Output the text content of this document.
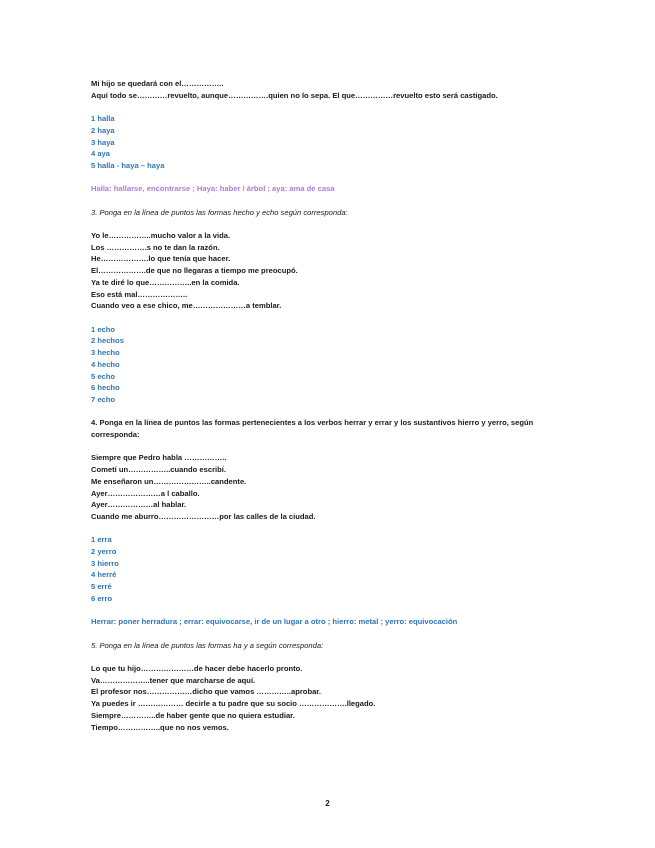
Mi hijo se quedará con el……………..
Aquí todo se…………revuelto, aunque…………….quien no lo sepa. El que……………revuelto esto será castigado.
1 halla
2 haya
3 haya
4 aya
5 halla - haya – haya
Halla: hallarse, encontrarse ; Haya: haber / árbol ; aya: ama de casa
3. Ponga en la línea de puntos las formas hecho y echo según corresponda:
Yo le……………..mucho valor a la vida.
Los …………….s no te dan la razón.
He……………….lo que tenía que hacer.
El……………….de que no llegaras a tiempo me preocupó.
Ya te diré lo que……………..en la comida.
Eso está mal………………..
Cuando veo a ese chico, me…………………a temblar.
1 echo
2 hechos
3 hecho
4 hecho
5 echo
6 hecho
7 echo
4. Ponga en la línea de puntos las formas pertenecientes a los verbos herrar y errar y los sustantivos hierro y yerro, según corresponda:
Siempre que Pedro habla ……………..
Cometí un……………..cuando escribí.
Me enseñaron un…………………..candente.
Ayer…………………a l caballo.
Ayer………………al hablar.
Cuando me aburro……………………por las calles de la ciudad.
1 erra
2 yerro
3 hierro
4 herré
5 erré
6 erro
Herrar: poner herradura ; errar: equivocarse, ir de un lugar a otro ; hierro: metal ; yerro: equivocación
5. Ponga en la línea de puntos las formas ha y a según corresponda:
Lo que tu hijo…………………de hacer debe hacerlo pronto.
Va………………..tener que marcharse de aquí.
El profesor nos………………dicho que vamos …………..aprobar.
Ya puedes ir ……………… decirle a tu padre que su socio ……………….llegado.
Siempre…………..de haber gente que no quiera estudiar.
Tiempo……………..que no nos vemos.
2
